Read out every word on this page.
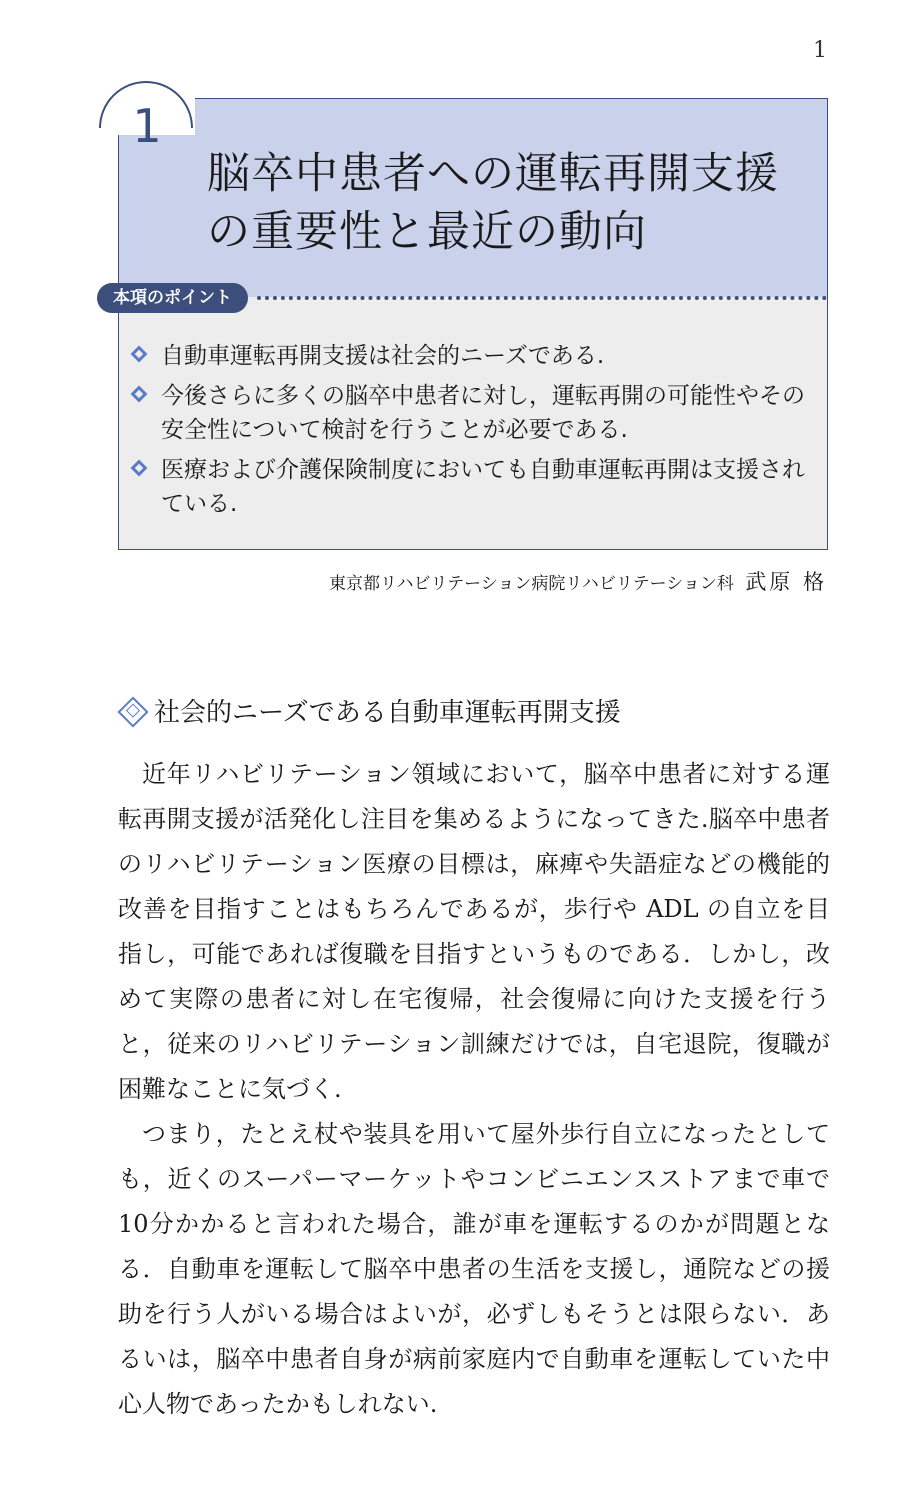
1
1
脳卒中患者への運転再開支援の重要性と最近の動向
本項のポイント
自動車運転再開支援は社会的ニーズである.
今後さらに多くの脳卒中患者に対し，運転再開の可能性やその安全性について検討を行うことが必要である.
医療および介護保険制度においても自動車運転再開は支援されている.
東京都リハビリテーション病院リハビリテーション科 武原 格
社会的ニーズである自動車運転再開支援

近年リハビリテーション領域において，脳卒中患者に対する運転再開支援が活発化し注目を集めるようになってきた.脳卒中患者のリハビリテーション医療の目標は，麻痺や失語症などの機能的改善を目指すことはもちろんであるが，歩行や ADL の自立を目指し，可能であれば復職を目指すというものである．しかし，改めて実際の患者に対し在宅復帰，社会復帰に向けた支援を行うと，従来のリハビリテーション訓練だけでは，自宅退院，復職が困難なことに気づく.

つまり，たとえ杖や装具を用いて屋外歩行自立になったとしても，近くのスーパーマーケットやコンビニエンスストアまで車で10分かかると言われた場合，誰が車を運転するのかが問題となる．自動車を運転して脳卒中患者の生活を支援し，通院などの援助を行う人がいる場合はよいが，必ずしもそうとは限らない．あるいは，脳卒中患者自身が病前家庭内で自動車を運転していた中心人物であったかもしれない.
